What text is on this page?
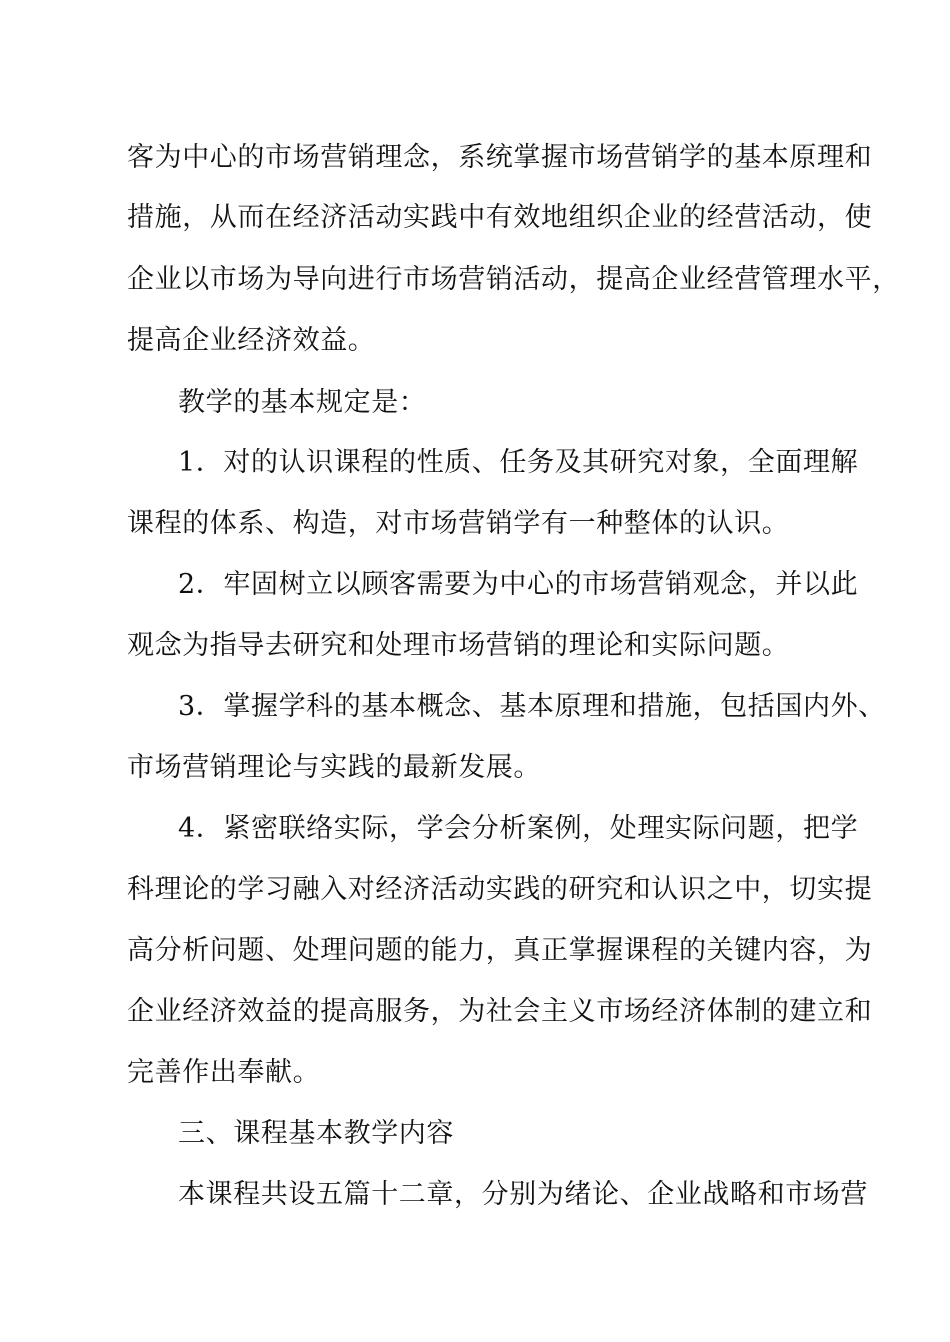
客为中心的市场营销理念，系统掌握市场营销学的基本原理和
措施，从而在经济活动实践中有效地组织企业的经营活动，使
企业以市场为导向进行市场营销活动，提高企业经营管理水平，
提高企业经济效益。
教学的基本规定是：
1．对的认识课程的性质、任务及其研究对象，全面理解
课程的体系、构造，对市场营销学有一种整体的认识。
2．牢固树立以顾客需要为中心的市场营销观念，并以此
观念为指导去研究和处理市场营销的理论和实际问题。
3．掌握学科的基本概念、基本原理和措施，包括国内外、
市场营销理论与实践的最新发展。
4．紧密联络实际，学会分析案例，处理实际问题，把学
科理论的学习融入对经济活动实践的研究和认识之中，切实提
高分析问题、处理问题的能力，真正掌握课程的关键内容，为
企业经济效益的提高服务，为社会主义市场经济体制的建立和
完善作出奉献。
三、课程基本教学内容
本课程共设五篇十二章，分别为绪论、企业战略和市场营
